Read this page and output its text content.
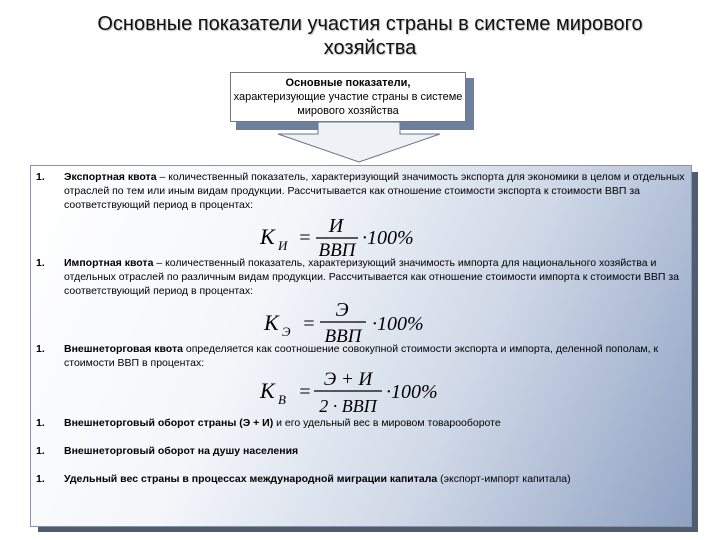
Основные показатели участия страны в системе мирового хозяйства
Основные показатели,
характеризующие участие страны в системе мирового хозяйства
1. Экспортная квота – количественный показатель, характеризующий значимость экспорта для экономики в целом и отдельных отраслей по тем или иным видам продукции. Рассчитывается как отношение стоимости экспорта к стоимости ВВП за соответствующий период в процентах:
К И =
И
ВВП
·100%
1. Импортная квота – количественный показатель, характеризующий значимость импорта для национального хозяйства и отдельных отраслей по различным видам продукции. Рассчитывается как отношение стоимости импорта к стоимости ВВП за соответствующий период в процентах:
К Э =
Э
ВВП
·100%
1. Внешнеторговая квота определяется как соотношение совокупной стоимости экспорта и импорта, деленной пополам, к стоимости ВВП в процентах:
К В =
Э + И
2 · ВВП
·100%
1. Внешнеторговый оборот страны (Э + И) и его удельный вес в мировом товарообороте
1. Внешнеторговый оборот на душу населения
1. Удельный вес страны в процессах международной миграции капитала (экспорт-импорт капитала)
